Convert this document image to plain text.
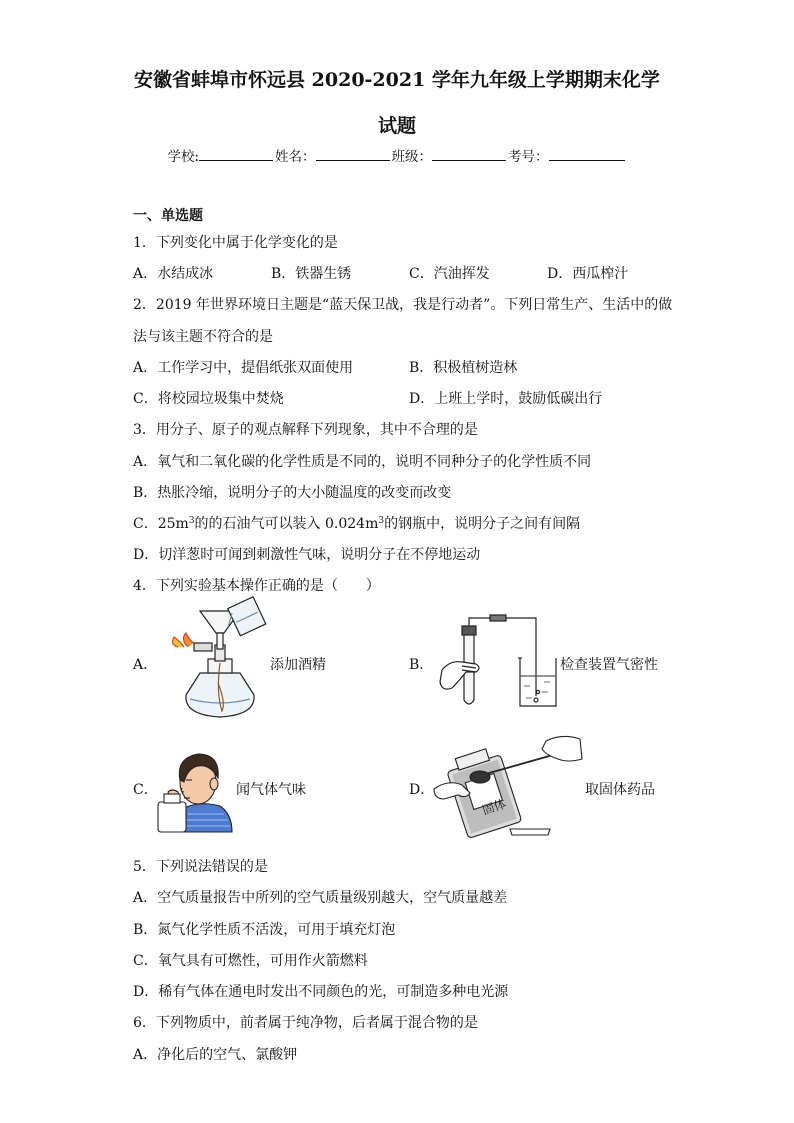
安徽省蚌埠市怀远县 2020-2021 学年九年级上学期期末化学
试题
学校:	姓名：	班级：	考号：
一、单选题
1．下列变化中属于化学变化的是
A．水结成冰	B．铁器生锈	C．汽油挥发	D．西瓜榨汁
2．2019 年世界环境日主题是“蓝天保卫战，我是行动者”。下列日常生产、生活中的做
法与该主题不符合的是
A．工作学习中，提倡纸张双面使用	B．积极植树造林
C．将校园垃圾集中焚烧	D．上班上学时，鼓励低碳出行
3．用分子、原子的观点解释下列现象，其中不合理的是
A．氧气和二氧化碳的化学性质是不同的，说明不同种分子的化学性质不同
B．热胀冷缩，说明分子的大小随温度的改变而改变
C．$25m^3$的的石油气可以装入 $0.024m^3$的钢瓶中，说明分子之间有间隔
D．切洋葱时可闻到刺激性气味，说明分子在不停地运动
4．下列实验基本操作正确的是（　　）
A．	添加酒精	B．	检查装置气密性
C．	闻气体气味	D．
固体
取固体药品
5．下列说法错误的是
A．空气质量报告中所列的空气质量级别越大，空气质量越差
B．氮气化学性质不活泼，可用于填充灯泡
C．氧气具有可燃性，可用作火箭燃料
D．稀有气体在通电时发出不同颜色的光，可制造多种电光源
6．下列物质中，前者属于纯净物，后者属于混合物的是
A．净化后的空气、氯酸钾
